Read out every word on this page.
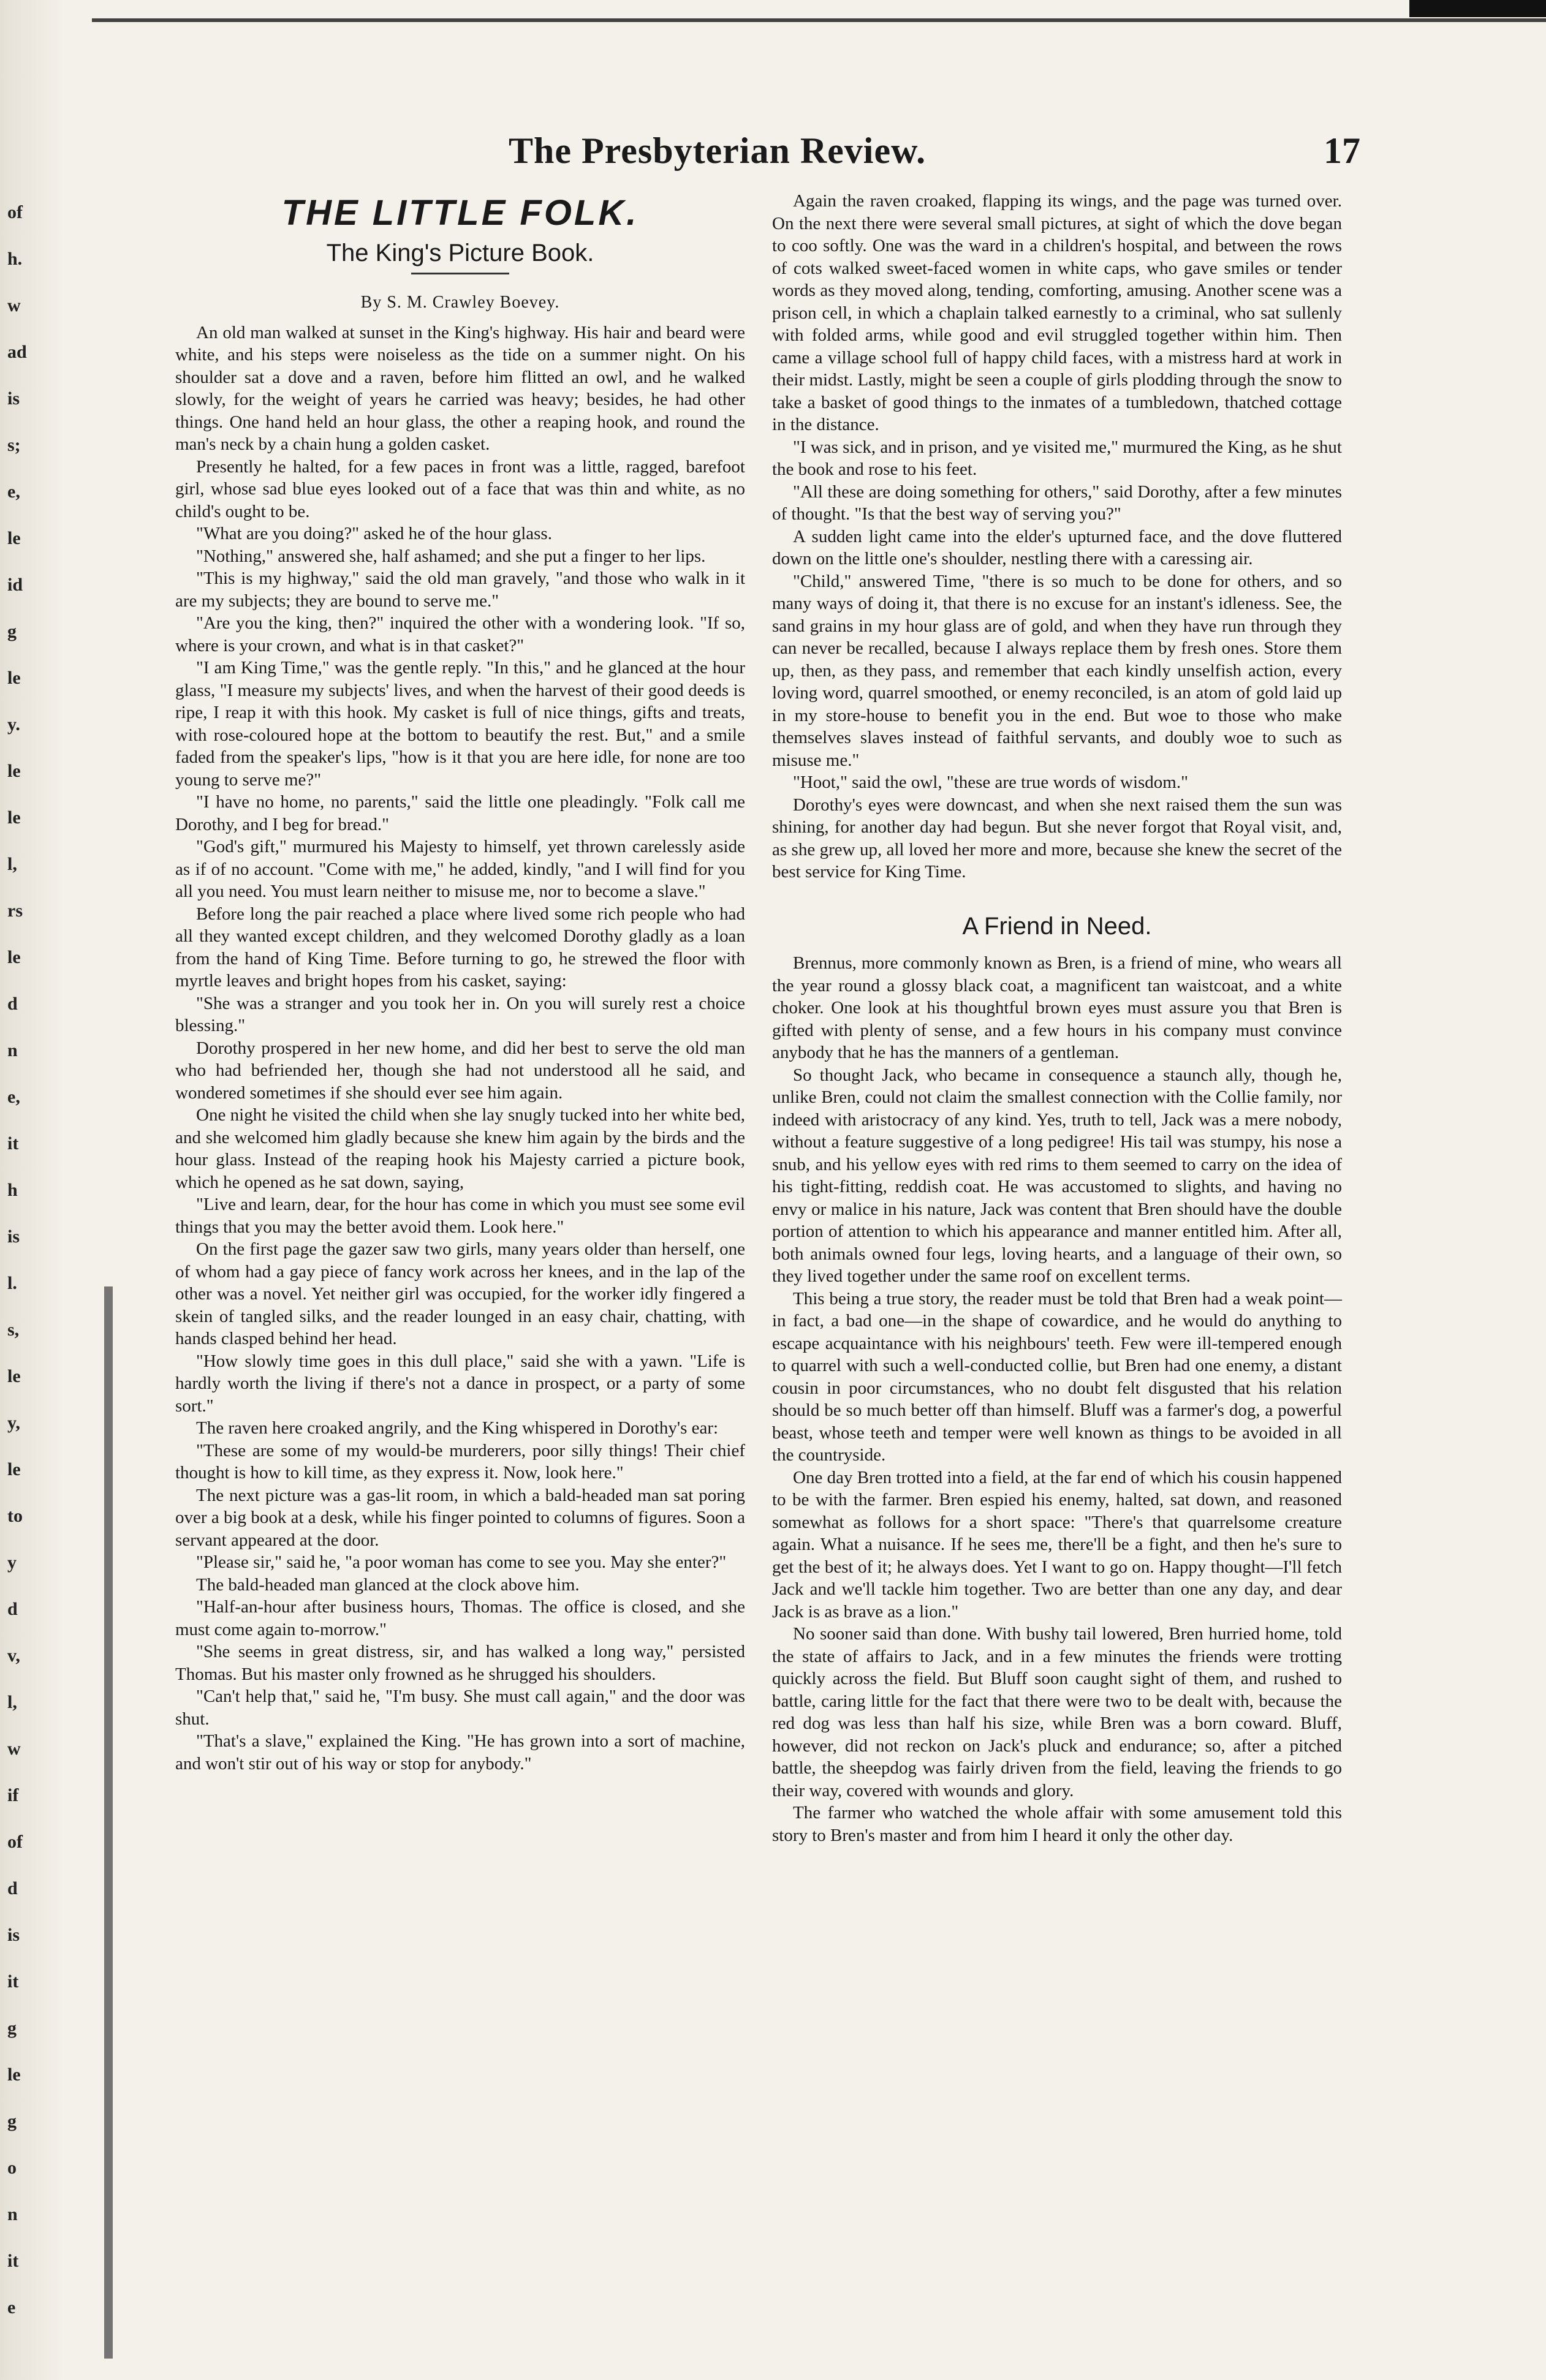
of
h.
w
ad
is
s;
e,
le
id
g
le
y.
le
le
l,
rs
le
d
n
e,
it
h
is
l.
s,
le
y,
le
to
y
d
v,
l,
w
if
of
d
is
it
g
le
g
o
n
it
e
The Presbyterian Review.	17
THE LITTLE FOLK.
The King's Picture Book.
By S. M. Crawley Boevey.

An old man walked at sunset in the King's highway. His hair and beard were white, and his steps were noiseless as the tide on a summer night. On his shoulder sat a dove and a raven, before him flitted an owl, and he walked slowly, for the weight of years he carried was heavy; besides, he had other things. One hand held an hour glass, the other a reaping hook, and round the man's neck by a chain hung a golden casket.

Presently he halted, for a few paces in front was a little, ragged, barefoot girl, whose sad blue eyes looked out of a face that was thin and white, as no child's ought to be.

"What are you doing?" asked he of the hour glass.

"Nothing," answered she, half ashamed; and she put a finger to her lips.

"This is my highway," said the old man gravely, "and those who walk in it are my subjects; they are bound to serve me."

"Are you the king, then?" inquired the other with a wondering look. "If so, where is your crown, and what is in that casket?"

"I am King Time," was the gentle reply. "In this," and he glanced at the hour glass, "I measure my subjects' lives, and when the harvest of their good deeds is ripe, I reap it with this hook. My casket is full of nice things, gifts and treats, with rose-coloured hope at the bottom to beautify the rest. But," and a smile faded from the speaker's lips, "how is it that you are here idle, for none are too young to serve me?"

"I have no home, no parents," said the little one pleadingly. "Folk call me Dorothy, and I beg for bread."

"God's gift," murmured his Majesty to himself, yet thrown carelessly aside as if of no account. "Come with me," he added, kindly, "and I will find for you all you need. You must learn neither to misuse me, nor to become a slave."

Before long the pair reached a place where lived some rich people who had all they wanted except children, and they welcomed Dorothy gladly as a loan from the hand of King Time. Before turning to go, he strewed the floor with myrtle leaves and bright hopes from his casket, saying:

"She was a stranger and you took her in. On you will surely rest a choice blessing."

Dorothy prospered in her new home, and did her best to serve the old man who had befriended her, though she had not understood all he said, and wondered sometimes if she should ever see him again.

One night he visited the child when she lay snugly tucked into her white bed, and she welcomed him gladly because she knew him again by the birds and the hour glass. Instead of the reaping hook his Majesty carried a picture book, which he opened as he sat down, saying,

"Live and learn, dear, for the hour has come in which you must see some evil things that you may the better avoid them. Look here."

On the first page the gazer saw two girls, many years older than herself, one of whom had a gay piece of fancy work across her knees, and in the lap of the other was a novel. Yet neither girl was occupied, for the worker idly fingered a skein of tangled silks, and the reader lounged in an easy chair, chatting, with hands clasped behind her head.

"How slowly time goes in this dull place," said she with a yawn. "Life is hardly worth the living if there's not a dance in prospect, or a party of some sort."

The raven here croaked angrily, and the King whispered in Dorothy's ear:

"These are some of my would-be murderers, poor silly things! Their chief thought is how to kill time, as they express it. Now, look here."

The next picture was a gas-lit room, in which a bald-headed man sat poring over a big book at a desk, while his finger pointed to columns of figures. Soon a servant appeared at the door.

"Please sir," said he, "a poor woman has come to see you. May she enter?"

The bald-headed man glanced at the clock above him.

"Half-an-hour after business hours, Thomas. The office is closed, and she must come again to-morrow."

"She seems in great distress, sir, and has walked a long way," persisted Thomas. But his master only frowned as he shrugged his shoulders.

"Can't help that," said he, "I'm busy. She must call again," and the door was shut.

"That's a slave," explained the King. "He has grown into a sort of machine, and won't stir out of his way or stop for anybody."

Again the raven croaked, flapping its wings, and the page was turned over. On the next there were several small pictures, at sight of which the dove began to coo softly. One was the ward in a children's hospital, and between the rows of cots walked sweet-faced women in white caps, who gave smiles or tender words as they moved along, tending, comforting, amusing. Another scene was a prison cell, in which a chaplain talked earnestly to a criminal, who sat sullenly with folded arms, while good and evil struggled together within him. Then came a village school full of happy child faces, with a mistress hard at work in their midst. Lastly, might be seen a couple of girls plodding through the snow to take a basket of good things to the inmates of a tumbledown, thatched cottage in the distance.

"I was sick, and in prison, and ye visited me," murmured the King, as he shut the book and rose to his feet.

"All these are doing something for others," said Dorothy, after a few minutes of thought. "Is that the best way of serving you?"

A sudden light came into the elder's upturned face, and the dove fluttered down on the little one's shoulder, nestling there with a caressing air.

"Child," answered Time, "there is so much to be done for others, and so many ways of doing it, that there is no excuse for an instant's idleness. See, the sand grains in my hour glass are of gold, and when they have run through they can never be recalled, because I always replace them by fresh ones. Store them up, then, as they pass, and remember that each kindly unselfish action, every loving word, quarrel smoothed, or enemy reconciled, is an atom of gold laid up in my store-house to benefit you in the end. But woe to those who make themselves slaves instead of faithful servants, and doubly woe to such as misuse me."

"Hoot," said the owl, "these are true words of wisdom."

Dorothy's eyes were downcast, and when she next raised them the sun was shining, for another day had begun. But she never forgot that Royal visit, and, as she grew up, all loved her more and more, because she knew the secret of the best service for King Time.

A Friend in Need.

Brennus, more commonly known as Bren, is a friend of mine, who wears all the year round a glossy black coat, a magnificent tan waistcoat, and a white choker. One look at his thoughtful brown eyes must assure you that Bren is gifted with plenty of sense, and a few hours in his company must convince anybody that he has the manners of a gentleman.

So thought Jack, who became in consequence a staunch ally, though he, unlike Bren, could not claim the smallest connection with the Collie family, nor indeed with aristocracy of any kind. Yes, truth to tell, Jack was a mere nobody, without a feature suggestive of a long pedigree! His tail was stumpy, his nose a snub, and his yellow eyes with red rims to them seemed to carry on the idea of his tight-fitting, reddish coat. He was accustomed to slights, and having no envy or malice in his nature, Jack was content that Bren should have the double portion of attention to which his appearance and manner entitled him. After all, both animals owned four legs, loving hearts, and a language of their own, so they lived together under the same roof on excellent terms.

This being a true story, the reader must be told that Bren had a weak point—in fact, a bad one—in the shape of cowardice, and he would do anything to escape acquaintance with his neighbours' teeth. Few were ill-tempered enough to quarrel with such a well-conducted collie, but Bren had one enemy, a distant cousin in poor circumstances, who no doubt felt disgusted that his relation should be so much better off than himself. Bluff was a farmer's dog, a powerful beast, whose teeth and temper were well known as things to be avoided in all the countryside.

One day Bren trotted into a field, at the far end of which his cousin happened to be with the farmer. Bren espied his enemy, halted, sat down, and reasoned somewhat as follows for a short space: "There's that quarrelsome creature again. What a nuisance. If he sees me, there'll be a fight, and then he's sure to get the best of it; he always does. Yet I want to go on. Happy thought—I'll fetch Jack and we'll tackle him together. Two are better than one any day, and dear Jack is as brave as a lion."

No sooner said than done. With bushy tail lowered, Bren hurried home, told the state of affairs to Jack, and in a few minutes the friends were trotting quickly across the field. But Bluff soon caught sight of them, and rushed to battle, caring little for the fact that there were two to be dealt with, because the red dog was less than half his size, while Bren was a born coward. Bluff, however, did not reckon on Jack's pluck and endurance; so, after a pitched battle, the sheepdog was fairly driven from the field, leaving the friends to go their way, covered with wounds and glory.

The farmer who watched the whole affair with some amusement told this story to Bren's master and from him I heard it only the other day.
